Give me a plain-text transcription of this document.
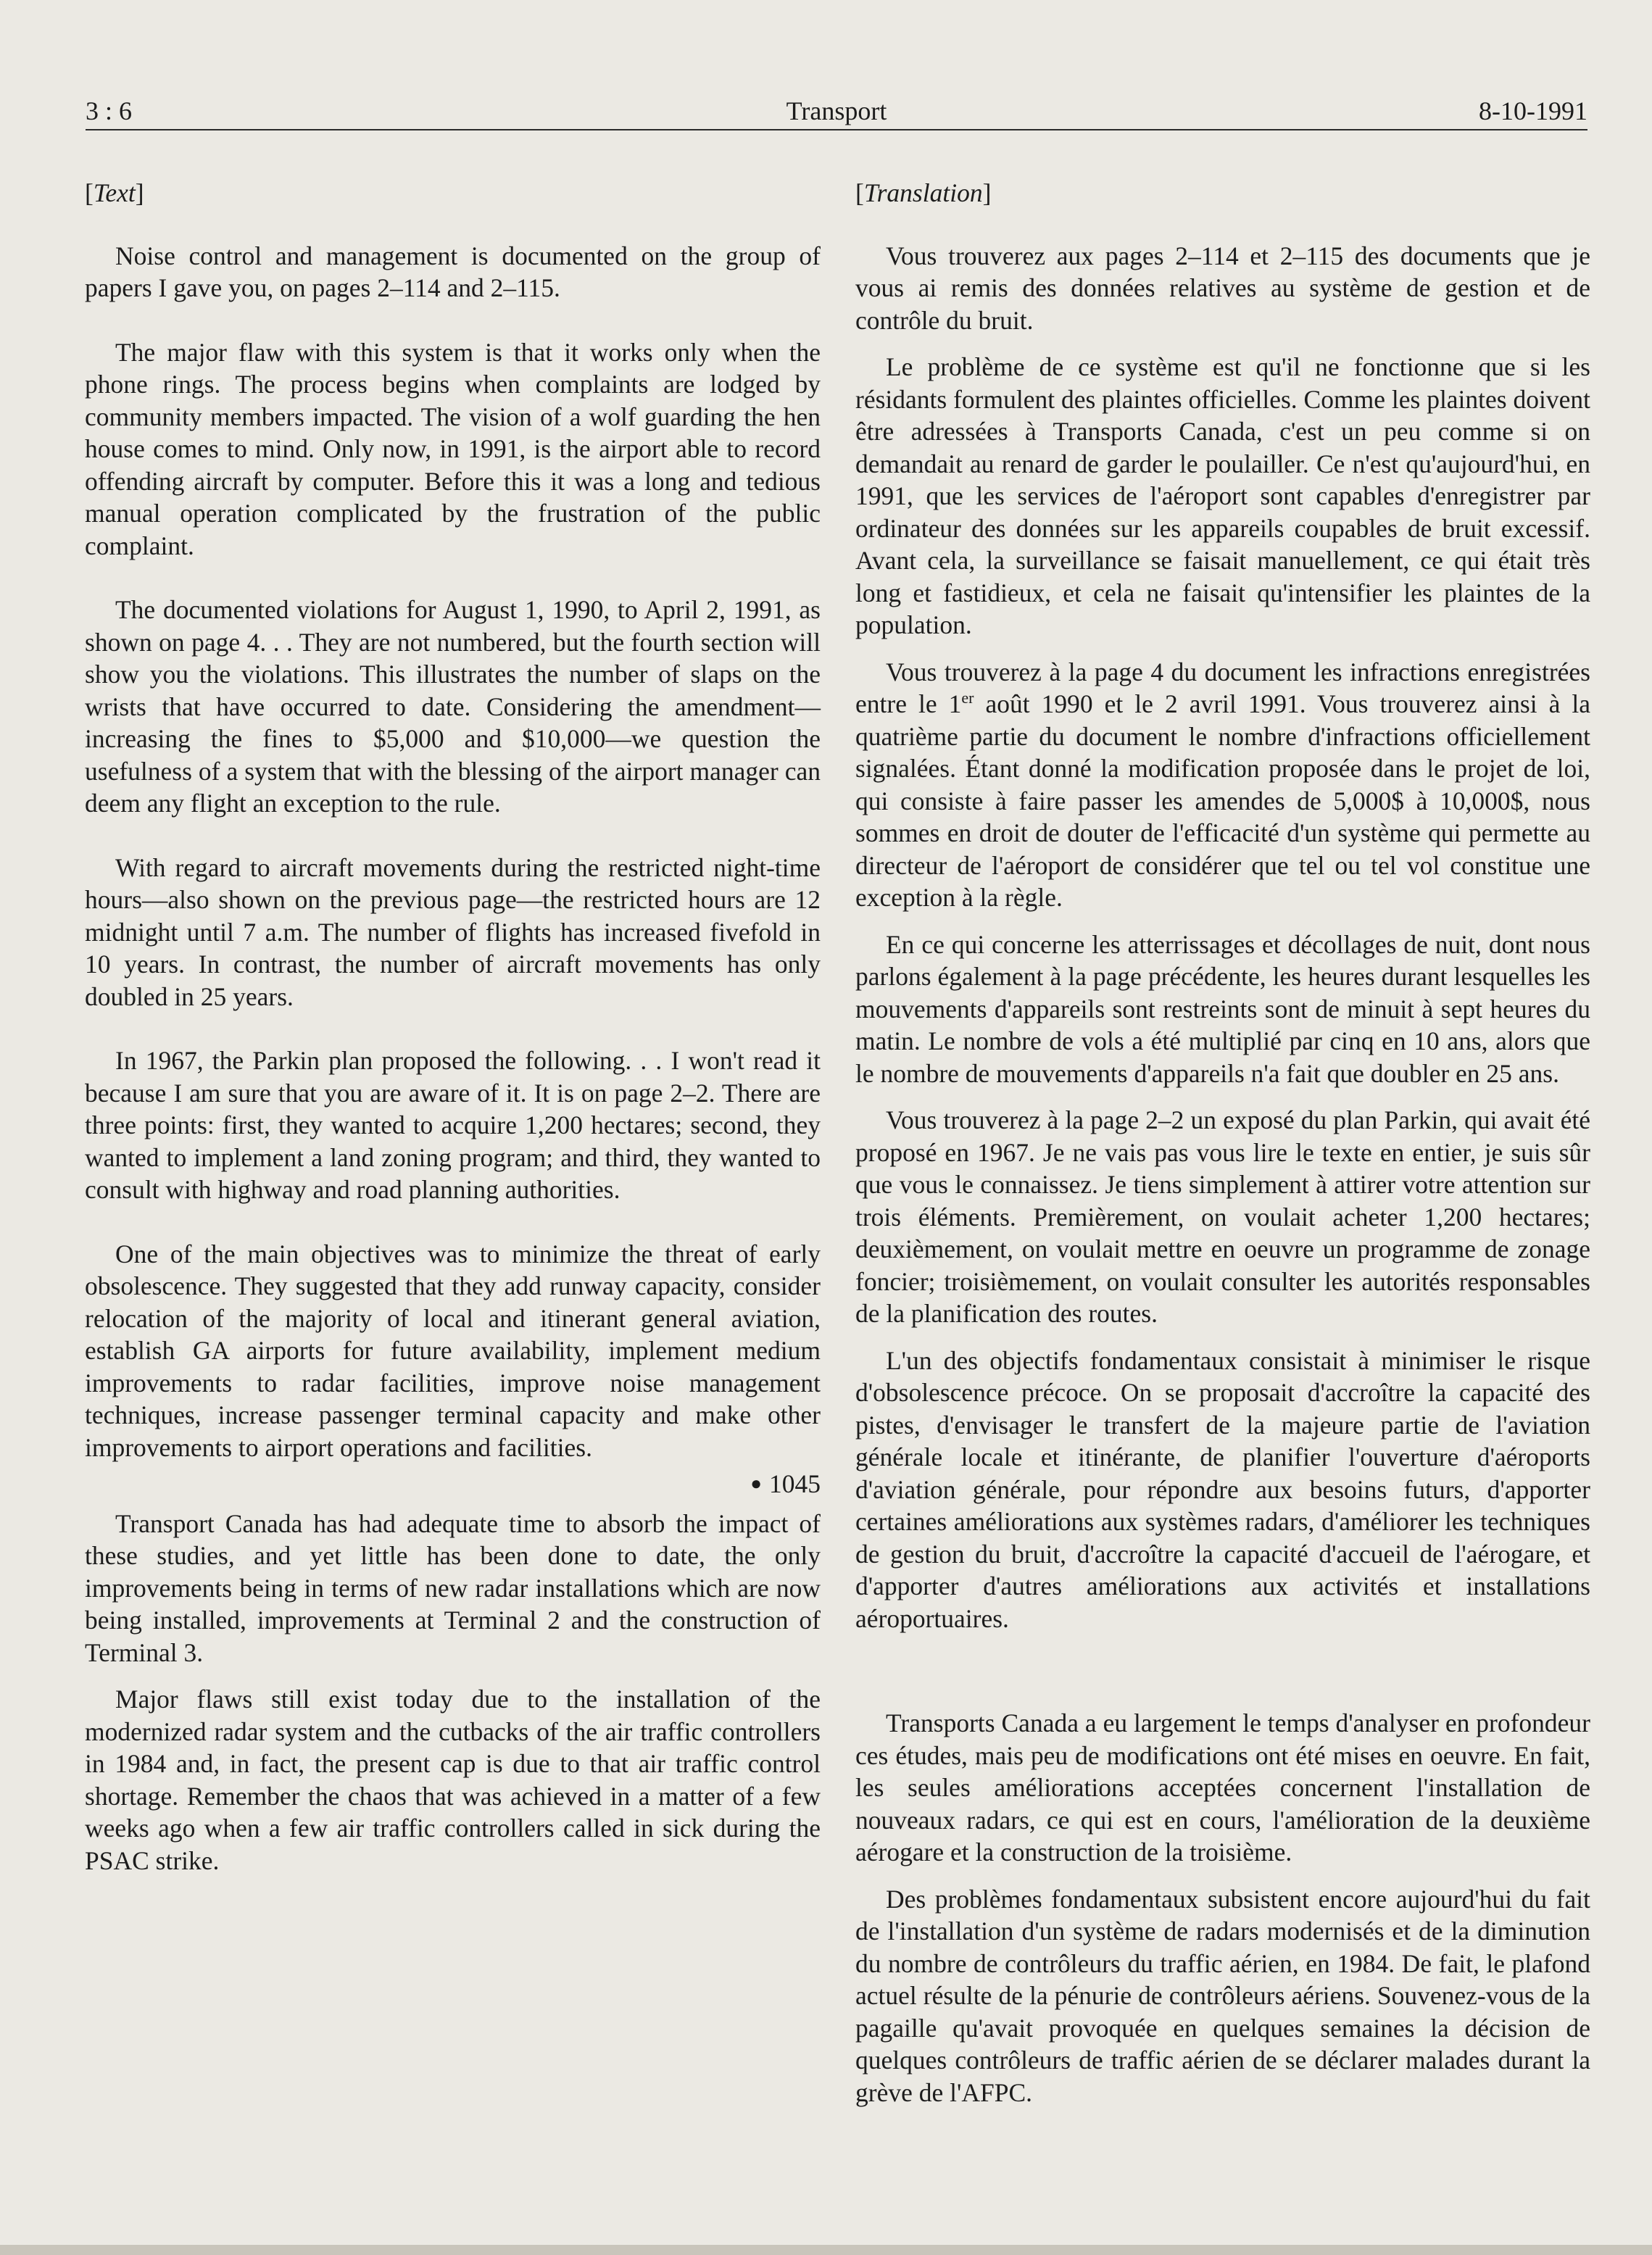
3 : 6	Transport	8-10-1991
[Text]

Noise control and management is documented on the group of papers I gave you, on pages 2–114 and 2–115.

The major flaw with this system is that it works only when the phone rings. The process begins when complaints are lodged by community members impacted. The vision of a wolf guarding the hen house comes to mind. Only now, in 1991, is the airport able to record offending aircraft by computer. Before this it was a long and tedious manual operation complicated by the frustration of the public complaint.

The documented violations for August 1, 1990, to April 2, 1991, as shown on page 4. . . They are not numbered, but the fourth section will show you the violations. This illustrates the number of slaps on the wrists that have occurred to date. Considering the amendment—increasing the fines to $5,000 and $10,000—we question the usefulness of a system that with the blessing of the airport manager can deem any flight an exception to the rule.

With regard to aircraft movements during the restricted night-time hours—also shown on the previous page—the restricted hours are 12 midnight until 7 a.m. The number of flights has increased fivefold in 10 years. In contrast, the number of aircraft movements has only doubled in 25 years.

In 1967, the Parkin plan proposed the following. . . I won't read it because I am sure that you are aware of it. It is on page 2–2. There are three points: first, they wanted to acquire 1,200 hectares; second, they wanted to implement a land zoning program; and third, they wanted to consult with highway and road planning authorities.

One of the main objectives was to minimize the threat of early obsolescence. They suggested that they add runway capacity, consider relocation of the majority of local and itinerant general aviation, establish GA airports for future availability, implement medium improvements to radar facilities, improve noise management techniques, increase passenger terminal capacity and make other improvements to airport operations and facilities.

● 1045

Transport Canada has had adequate time to absorb the impact of these studies, and yet little has been done to date, the only improvements being in terms of new radar installations which are now being installed, improvements at Terminal 2 and the construction of Terminal 3.

Major flaws still exist today due to the installation of the modernized radar system and the cutbacks of the air traffic controllers in 1984 and, in fact, the present cap is due to that air traffic control shortage. Remember the chaos that was achieved in a matter of a few weeks ago when a few air traffic controllers called in sick during the PSAC strike.

[Translation]

Vous trouverez aux pages 2–114 et 2–115 des documents que je vous ai remis des données relatives au système de gestion et de contrôle du bruit.

Le problème de ce système est qu'il ne fonctionne que si les résidants formulent des plaintes officielles. Comme les plaintes doivent être adressées à Transports Canada, c'est un peu comme si on demandait au renard de garder le poulailler. Ce n'est qu'aujourd'hui, en 1991, que les services de l'aéroport sont capables d'enregistrer par ordinateur des données sur les appareils coupables de bruit excessif. Avant cela, la surveillance se faisait manuellement, ce qui était très long et fastidieux, et cela ne faisait qu'intensifier les plaintes de la population.

Vous trouverez à la page 4 du document les infractions enregistrées entre le 1er août 1990 et le 2 avril 1991. Vous trouverez ainsi à la quatrième partie du document le nombre d'infractions officiellement signalées. Étant donné la modification proposée dans le projet de loi, qui consiste à faire passer les amendes de 5,000$ à 10,000$, nous sommes en droit de douter de l'efficacité d'un système qui permette au directeur de l'aéroport de considérer que tel ou tel vol constitue une exception à la règle.

En ce qui concerne les atterrissages et décollages de nuit, dont nous parlons également à la page précédente, les heures durant lesquelles les mouvements d'appareils sont restreints sont de minuit à sept heures du matin. Le nombre de vols a été multiplié par cinq en 10 ans, alors que le nombre de mouvements d'appareils n'a fait que doubler en 25 ans.

Vous trouverez à la page 2–2 un exposé du plan Parkin, qui avait été proposé en 1967. Je ne vais pas vous lire le texte en entier, je suis sûr que vous le connaissez. Je tiens simplement à attirer votre attention sur trois éléments. Premièrement, on voulait acheter 1,200 hectares; deuxièmement, on voulait mettre en oeuvre un programme de zonage foncier; troisièmement, on voulait consulter les autorités responsables de la planification des routes.

L'un des objectifs fondamentaux consistait à minimiser le risque d'obsolescence précoce. On se proposait d'accroître la capacité des pistes, d'envisager le transfert de la majeure partie de l'aviation générale locale et itinérante, de planifier l'ouverture d'aéroports d'aviation générale, pour répondre aux besoins futurs, d'apporter certaines améliorations aux systèmes radars, d'améliorer les techniques de gestion du bruit, d'accroître la capacité d'accueil de l'aérogare, et d'apporter d'autres améliorations aux activités et installations aéroportuaires.

Transports Canada a eu largement le temps d'analyser en profondeur ces études, mais peu de modifications ont été mises en oeuvre. En fait, les seules améliorations acceptées concernent l'installation de nouveaux radars, ce qui est en cours, l'amélioration de la deuxième aérogare et la construction de la troisième.

Des problèmes fondamentaux subsistent encore aujourd'hui du fait de l'installation d'un système de radars modernisés et de la diminution du nombre de contrôleurs du traffic aérien, en 1984. De fait, le plafond actuel résulte de la pénurie de contrôleurs aériens. Souvenez-vous de la pagaille qu'avait provoquée en quelques semaines la décision de quelques contrôleurs de traffic aérien de se déclarer malades durant la grève de l'AFPC.
